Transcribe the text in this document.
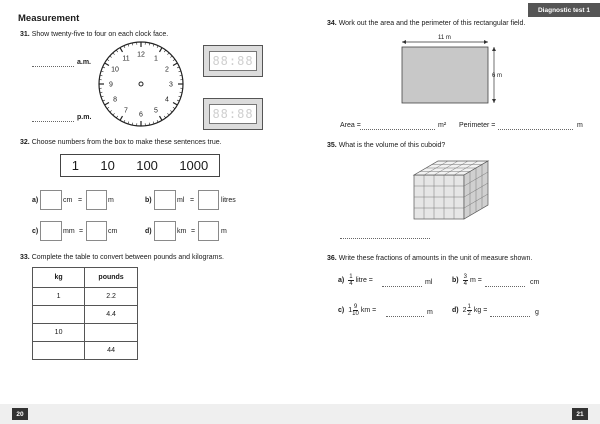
Measurement
31. Show twenty-five to four on each clock face.
a.m.
p.m.
12
1
2
3
4
5
6
7
8
9
10
11	88:88
88:88
32. Choose numbers from the box to make these sentences true.
1 10 100 1000
a)	cm =	m	b)	ml =	litres
c)	mm =	cm	d)	km =	m
33. Complete the table to convert between pounds and kilograms.
kg	pounds
1	2.2
	4.4
10	
	44
Diagnostic test 1
34. Work out the area and the perimeter of this rectangular field.
11 m
6 m
Area =	m² Perimeter =	m
35. What is the volume of this cuboid?
36. Write these fractions of amounts in the unit of measure shown.
$a) \frac{1}{4}$ litre =	ml	$b) \frac{3}{4}$ m =	cm
c) $1 \frac{9}{10}$ km =	m	d) $2 \frac{1}{2}$ kg =	g
20	21
